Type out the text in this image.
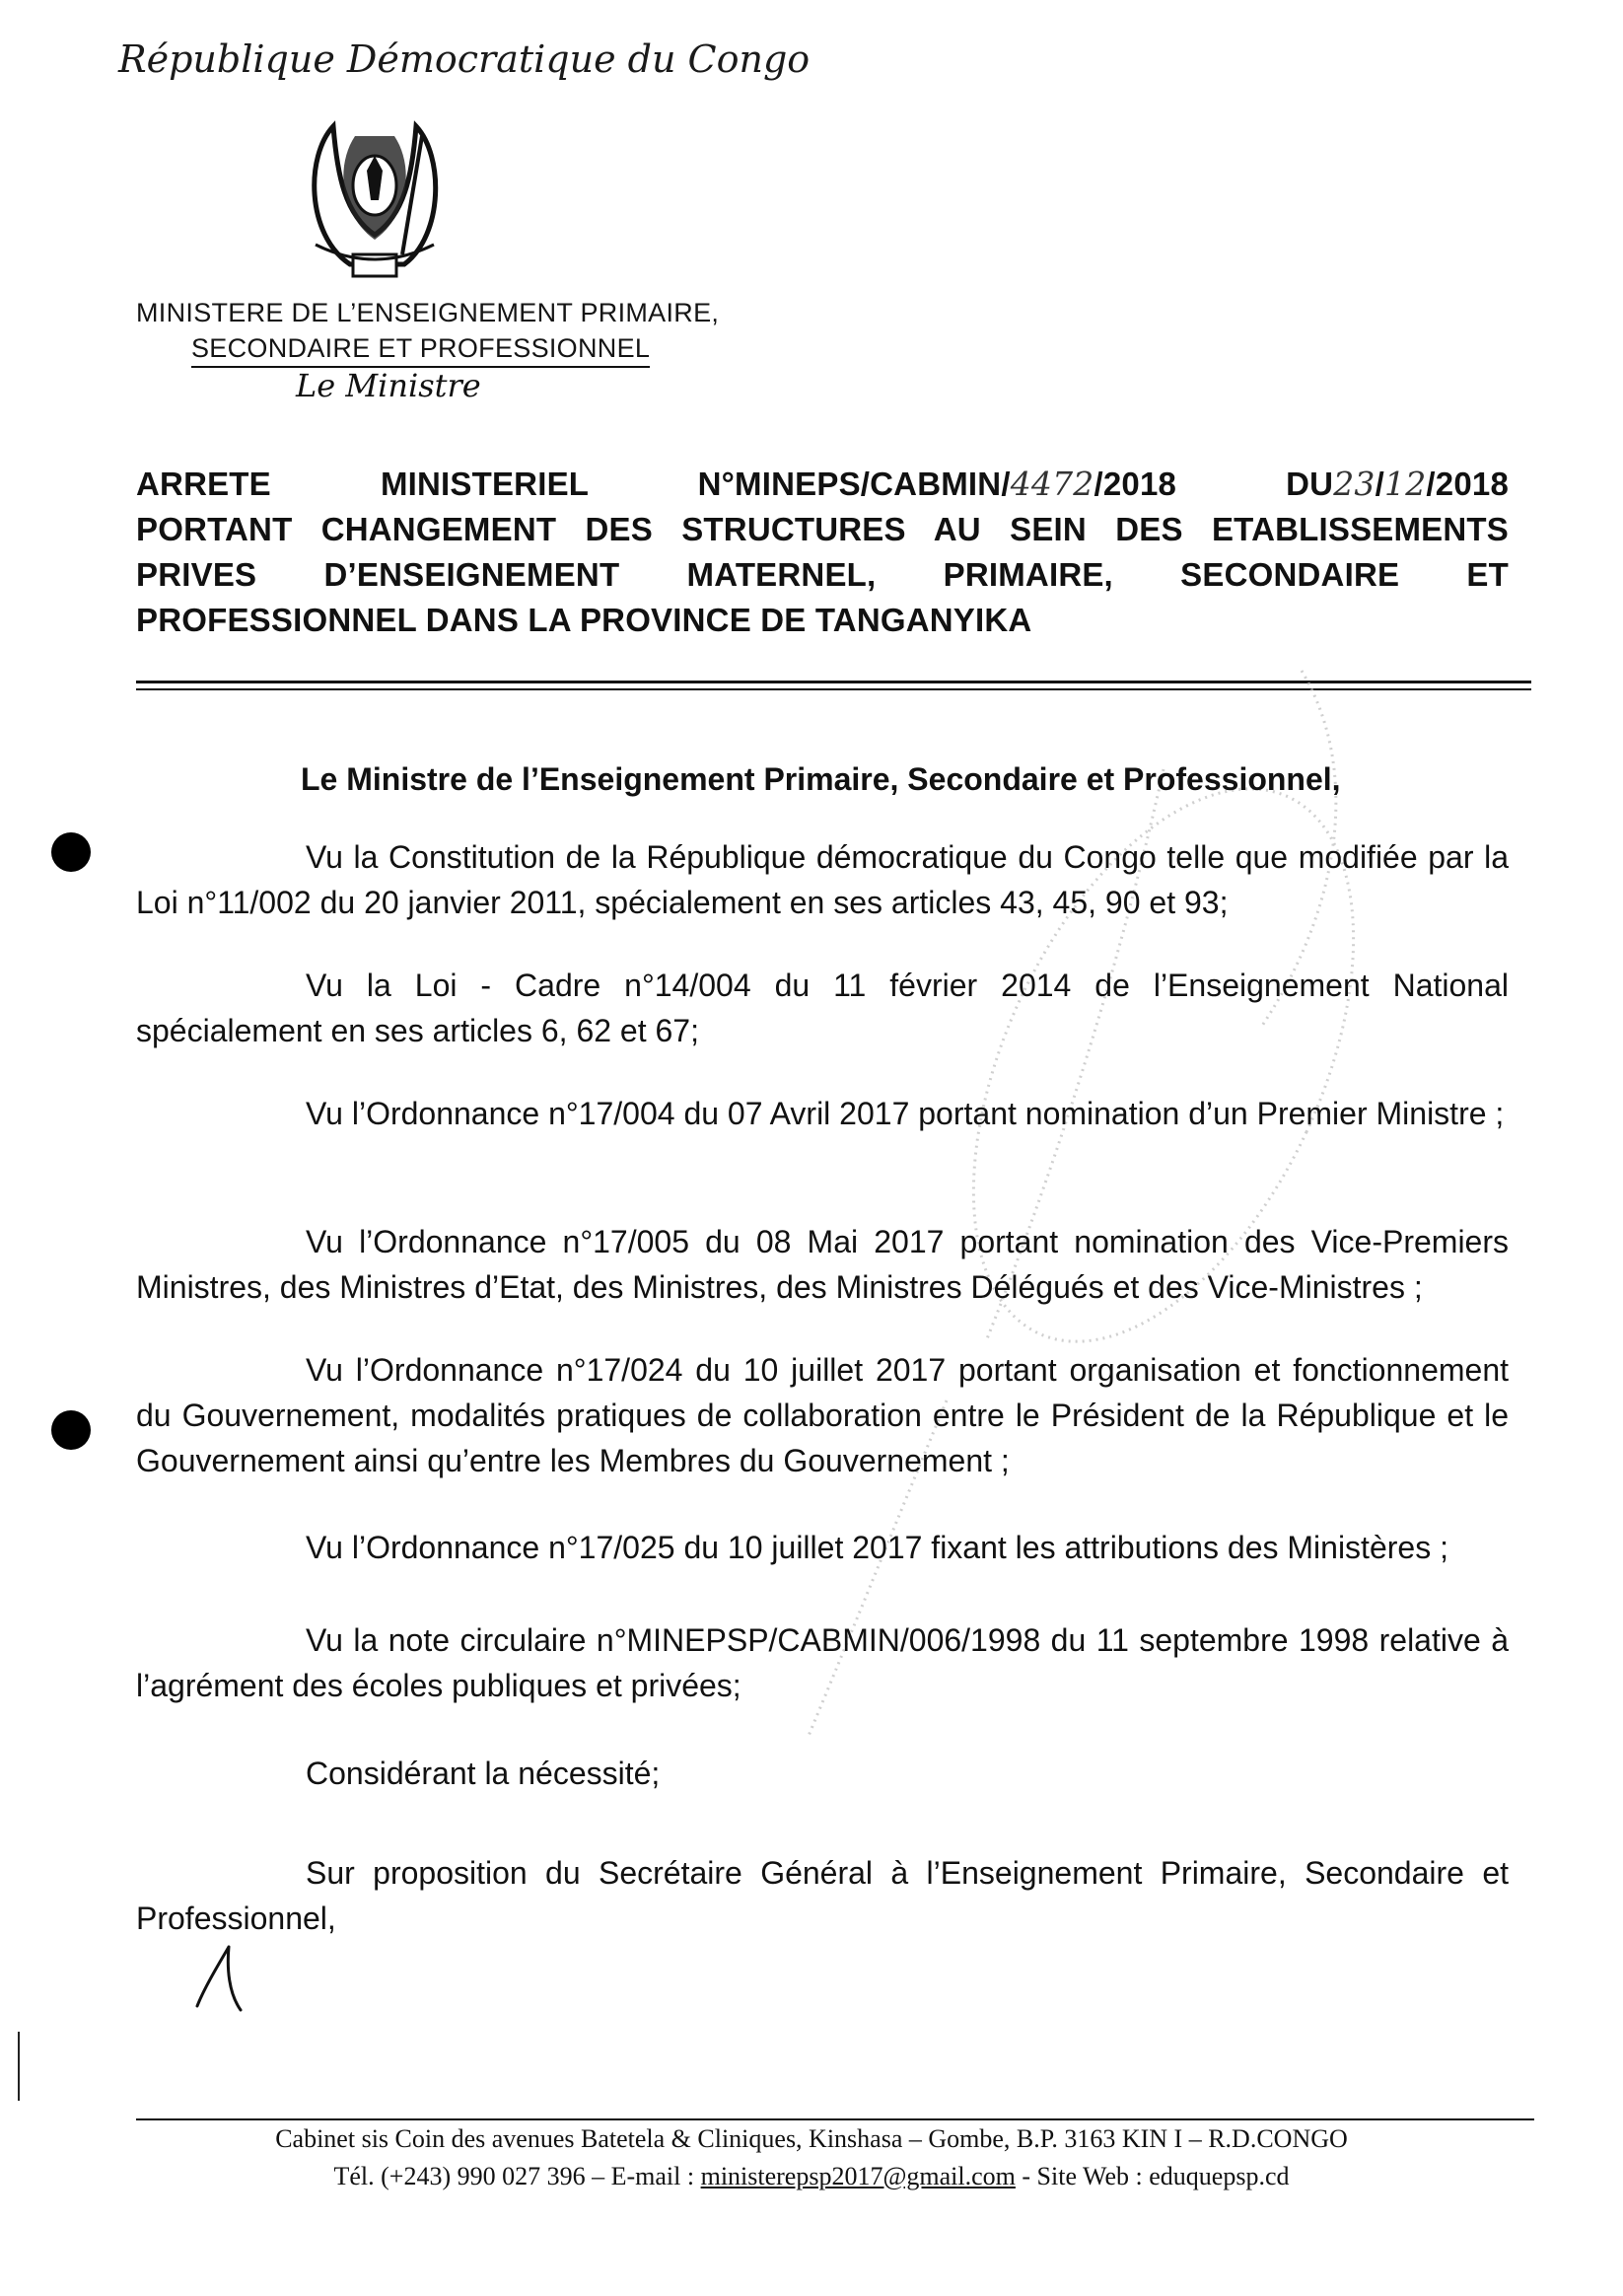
République Démocratique du Congo
MINISTERE DE L’ENSEIGNEMENT PRIMAIRE,
SECONDAIRE ET PROFESSIONNEL
Le Ministre
ARRETE MINISTERIEL N°MINEPS/CABMIN/4472/2018 DU23/12/2018
PORTANT CHANGEMENT DES STRUCTURES AU SEIN DES ETABLISSEMENTS
PRIVES D’ENSEIGNEMENT MATERNEL, PRIMAIRE, SECONDAIRE ET
PROFESSIONNEL DANS LA PROVINCE DE TANGANYIKA
Le Ministre de l’Enseignement Primaire, Secondaire et Professionnel,
Vu la Constitution de la République démocratique du Congo telle que modifiée par la Loi n°11/002 du 20 janvier 2011, spécialement en ses articles 43, 45, 90 et 93;
Vu la Loi - Cadre n°14/004 du 11 février 2014 de l’Enseignement National spécialement en ses articles 6, 62 et 67;
Vu l’Ordonnance n°17/004 du 07 Avril 2017 portant nomination d’un Premier Ministre ;
Vu l’Ordonnance n°17/005 du 08 Mai 2017 portant nomination des Vice-Premiers Ministres, des Ministres d’Etat, des Ministres, des Ministres Délégués et des Vice-Ministres ;
Vu l’Ordonnance n°17/024 du 10 juillet 2017 portant organisation et fonctionnement du Gouvernement, modalités pratiques de collaboration entre le Président de la République et le Gouvernement ainsi qu’entre les Membres du Gouvernement ;
Vu l’Ordonnance n°17/025 du 10 juillet 2017 fixant les attributions des Ministères ;
Vu la note circulaire n°MINEPSP/CABMIN/006/1998 du 11 septembre 1998 relative à l’agrément des écoles publiques et privées;
Considérant la nécessité;
Sur proposition du Secrétaire Général à l’Enseignement Primaire, Secondaire et Professionnel,
Cabinet sis Coin des avenues Batetela & Cliniques, Kinshasa – Gombe, B.P. 3163 KIN I – R.D.CONGO
Tél. (+243) 990 027 396 – E-mail : ministerepsp2017@gmail.com - Site Web : eduquepsp.cd
